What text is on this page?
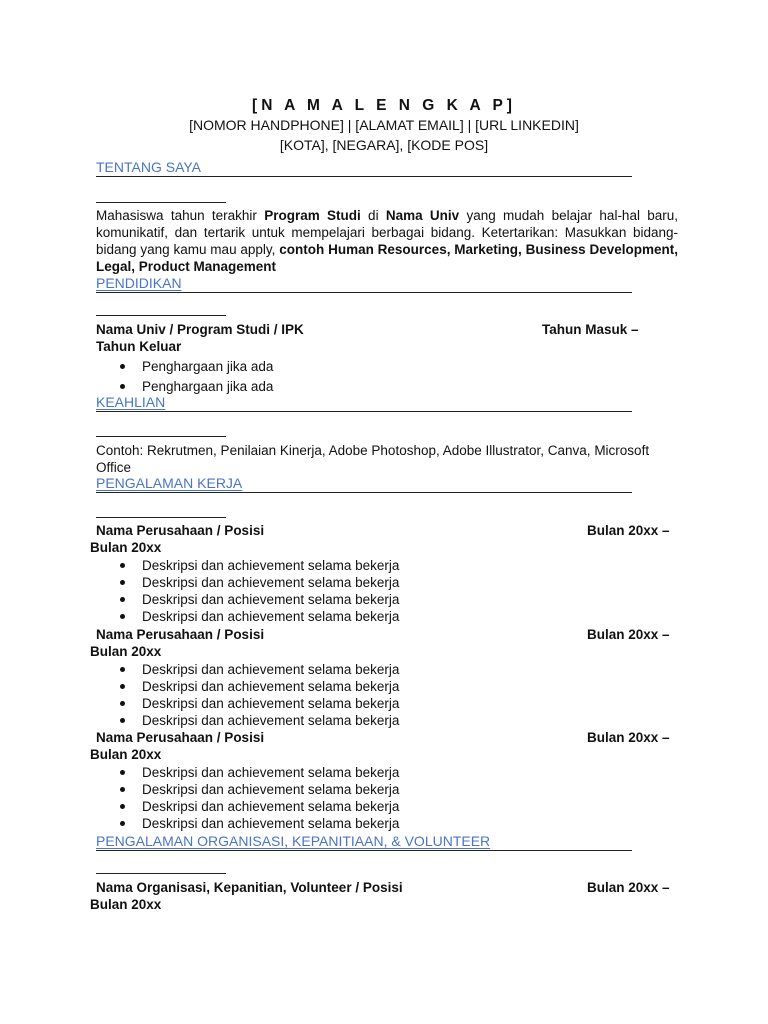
[N A M A L E N G K A P]
[NOMOR HANDPHONE] | [ALAMAT EMAIL] | [URL LINKEDIN]
[KOTA], [NEGARA], [KODE POS]
TENTANG SAYA
Mahasiswa tahun terakhir Program Studi di Nama Univ yang mudah belajar hal-hal baru, komunikatif, dan tertarik untuk mempelajari berbagai bidang. Ketertarikan: Masukkan bidang-bidang yang kamu mau apply, contoh Human Resources, Marketing, Business Development, Legal, Product Management
PENDIDIKAN
Nama Univ / Program Studi / IPK	Tahun Masuk –
Tahun Keluar
Penghargaan jika ada
Penghargaan jika ada
KEAHLIAN
Contoh: Rekrutmen, Penilaian Kinerja, Adobe Photoshop, Adobe Illustrator, Canva, Microsoft Office
PENGALAMAN KERJA
Nama Perusahaan / Posisi	Bulan 20xx –
Bulan 20xx
Deskripsi dan achievement selama bekerja
Deskripsi dan achievement selama bekerja
Deskripsi dan achievement selama bekerja
Deskripsi dan achievement selama bekerja
Nama Perusahaan / Posisi	Bulan 20xx –
Bulan 20xx
Deskripsi dan achievement selama bekerja
Deskripsi dan achievement selama bekerja
Deskripsi dan achievement selama bekerja
Deskripsi dan achievement selama bekerja
Nama Perusahaan / Posisi	Bulan 20xx –
Bulan 20xx
Deskripsi dan achievement selama bekerja
Deskripsi dan achievement selama bekerja
Deskripsi dan achievement selama bekerja
Deskripsi dan achievement selama bekerja
PENGALAMAN ORGANISASI, KEPANITIAAN, & VOLUNTEER
Nama Organisasi, Kepanitian, Volunteer / Posisi	Bulan 20xx –
Bulan 20xx
